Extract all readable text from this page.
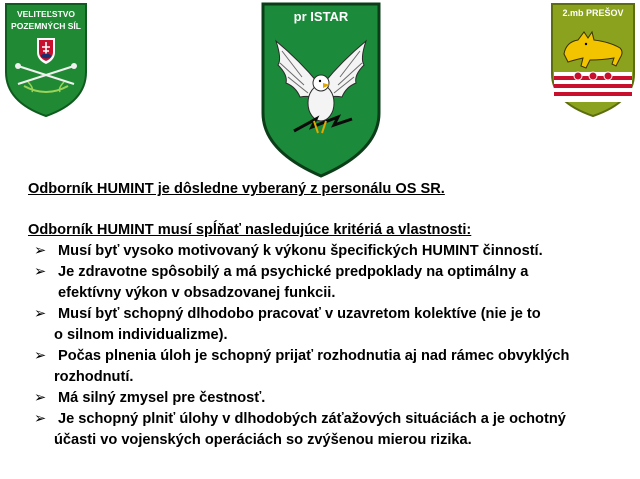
VELITEĽSTVO
POZEMNÝCH SÍL
pr ISTAR	2.mb PREŠOV
Odborník HUMINT je dôsledne vyberaný z personálu OS SR.
Odborník HUMINT musí spĺňať nasledujúce kritériá a vlastnosti:
➢ Musí byť vysoko motivovaný k výkonu špecifických HUMINT činností.
➢ Je zdravotne spôsobilý a má psychické predpoklady na optimálny a
efektívny výkon v obsadzovanej funkcii.
➢ Musí byť schopný dlhodobo pracovať v uzavretom kolektíve (nie je to
o silnom individualizme).
➢ Počas plnenia úloh je schopný prijať rozhodnutia aj nad rámec obvyklých
rozhodnutí.
➢ Má silný zmysel pre čestnosť.
➢ Je schopný plniť úlohy v dlhodobých záťažových situáciách a je ochotný
účasti vo vojenských operáciách so zvýšenou mierou rizika.
